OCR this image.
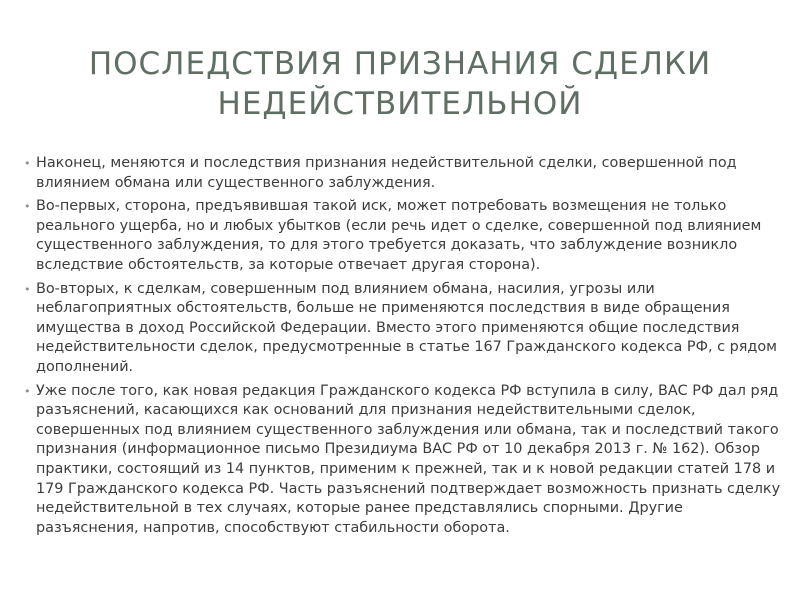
ПОСЛЕДСТВИЯ ПРИЗНАНИЯ СДЕЛКИ НЕДЕЙСТВИТЕЛЬНОЙ
• Наконец, меняются и последствия признания недействительной сделки, совершенной под влиянием обмана или существенного заблуждения.
• Во-первых, сторона, предъявившая такой иск, может потребовать возмещения не только реального ущерба, но и любых убытков (если речь идет о сделке, совершенной под влиянием существенного заблуждения, то для этого требуется доказать, что заблуждение возникло вследствие обстоятельств, за которые отвечает другая сторона).
• Во-вторых, к сделкам, совершенным под влиянием обмана, насилия, угрозы или неблагоприятных обстоятельств, больше не применяются последствия в виде обращения имущества в доход Российской Федерации. Вместо этого применяются общие последствия недействительности сделок, предусмотренные в статье 167 Гражданского кодекса РФ, с рядом дополнений.
• Уже после того, как новая редакция Гражданского кодекса РФ вступила в силу, ВАС РФ дал ряд разъяснений, касающихся как оснований для признания недействительными сделок, совершенных под влиянием существенного заблуждения или обмана, так и последствий такого признания (информационное письмо Президиума ВАС РФ от 10 декабря 2013 г. № 162). Обзор практики, состоящий из 14 пунктов, применим к прежней, так и к новой редакции статей 178 и 179 Гражданского кодекса РФ. Часть разъяснений подтверждает возможность признать сделку недействительной в тех случаях, которые ранее представлялись спорными. Другие разъяснения, напротив, способствуют стабильности оборота.
